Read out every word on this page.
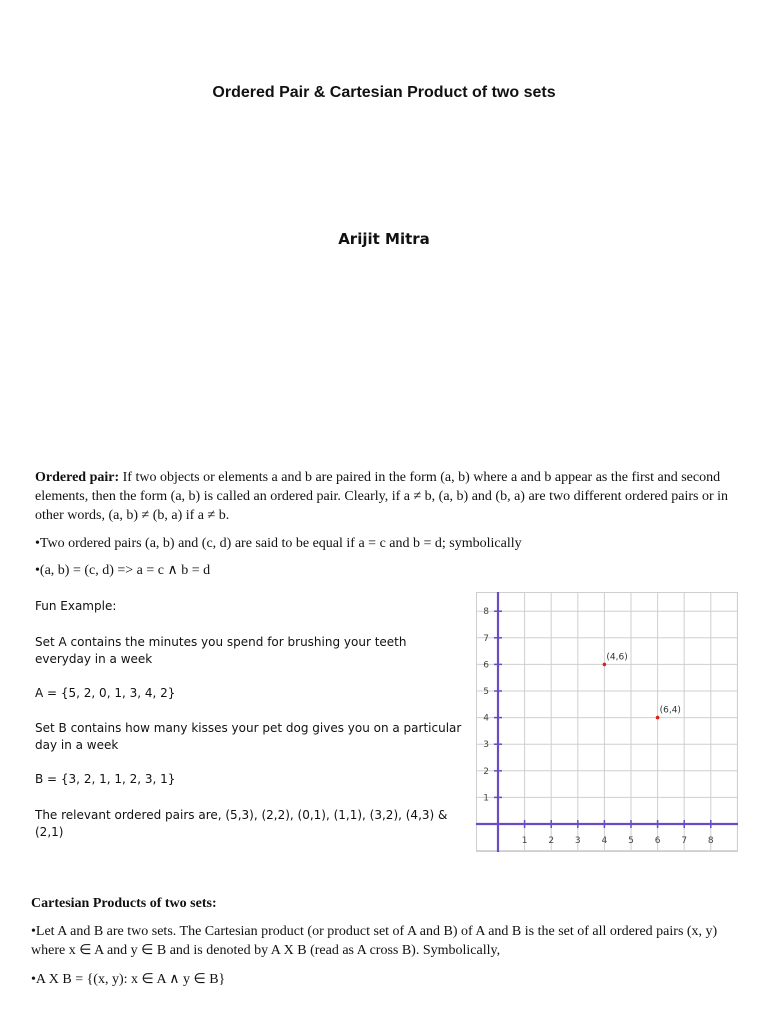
Ordered Pair & Cartesian Product of two sets
Arijit Mitra
Ordered pair: If two objects or elements a and b are paired in the form (a, b) where a and b appear as the first and second elements, then the form (a, b) is called an ordered pair. Clearly, if a ≠ b, (a, b) and (b, a) are two different ordered pairs or in other words, (a, b) ≠ (b, a) if a ≠ b.
•Two ordered pairs (a, b) and (c, d) are said to be equal if a = c and b = d; symbolically
•(a, b) = (c, d) => a = c ∧ b = d
Fun Example:
Set A contains the minutes you spend for brushing your teeth everyday in a week
A = {5, 2, 0, 1, 3, 4, 2}
Set B contains how many kisses your pet dog gives you on a particular day in a week
B = {3, 2, 1, 1, 2, 3, 1}
The relevant ordered pairs are, (5,3), (2,2), (0,1), (1,1), (3,2), (4,3) & (2,1)
1 2 3 4 5 6 7 8
1
2
3
4
5
6
7
8
(4,6)
(6,4)
Cartesian Products of two sets:
•Let A and B are two sets. The Cartesian product (or product set of A and B) of A and B is the set of all ordered pairs (x, y) where x ∈ A and y ∈ B and is denoted by A X B (read as A cross B). Symbolically,
•A X B = {(x, y): x ∈ A ∧ y ∈ B}
